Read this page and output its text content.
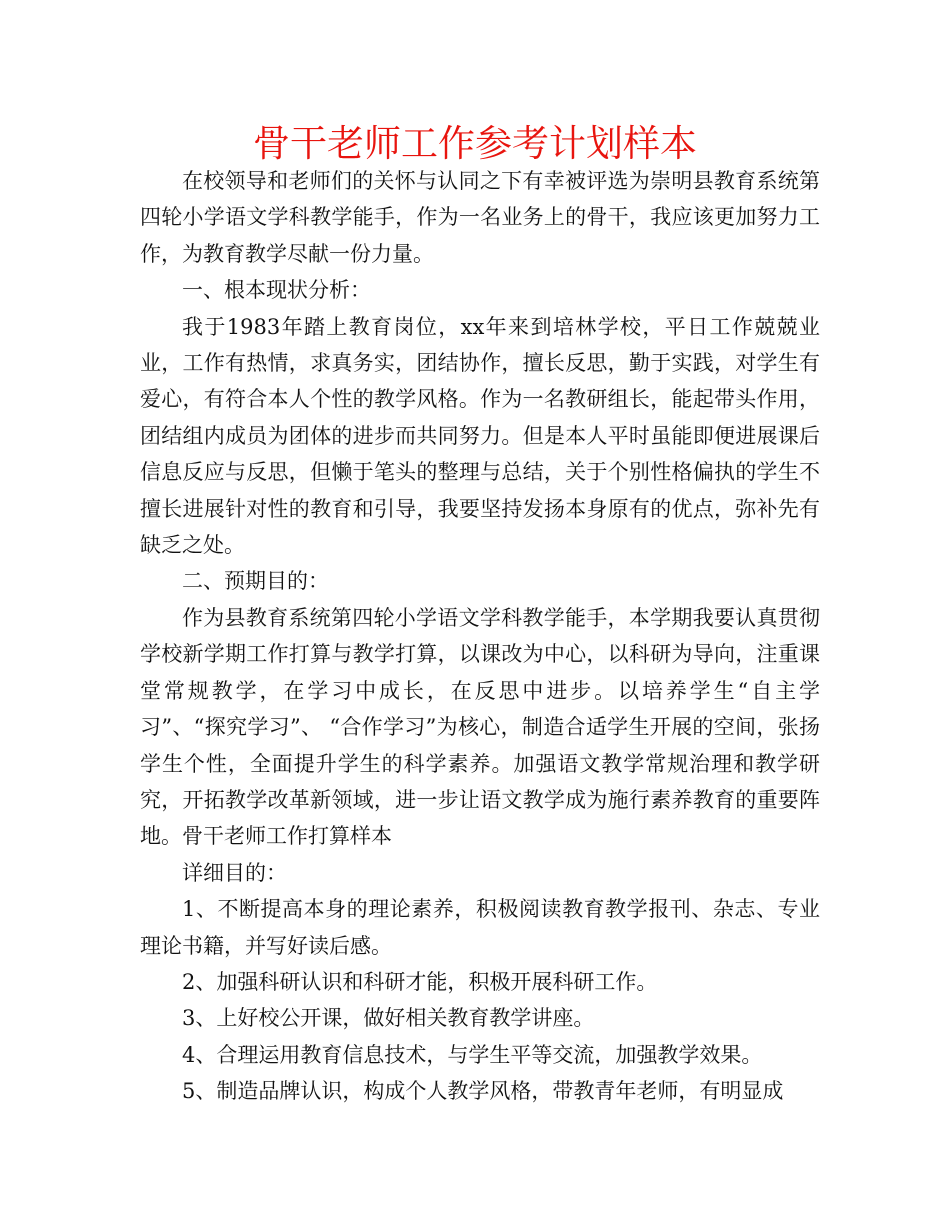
骨干老师工作参考计划样本

在校领导和老师们的关怀与认同之下有幸被评选为崇明县教育系统第四轮小学语文学科教学能手，作为一名业务上的骨干，我应该更加努力工作，为教育教学尽献一份力量。

一、根本现状分析：

我于1983年踏上教育岗位，xx年来到培林学校，平日工作兢兢业业，工作有热情，求真务实，团结协作，擅长反思，勤于实践，对学生有爱心，有符合本人个性的教学风格。作为一名教研组长，能起带头作用，团结组内成员为团体的进步而共同努力。但是本人平时虽能即便进展课后信息反应与反思，但懒于笔头的整理与总结，关于个别性格偏执的学生不擅长进展针对性的教育和引导，我要坚持发扬本身原有的优点，弥补先有缺乏之处。

二、预期目的：

作为县教育系统第四轮小学语文学科教学能手，本学期我要认真贯彻学校新学期工作打算与教学打算，以课改为中心，以科研为导向，注重课堂常规教学，在学习中成长，在反思中进步。以培养学生“自主学习”、“探究学习”、 “合作学习”为核心，制造合适学生开展的空间，张扬学生个性，全面提升学生的科学素养。加强语文教学常规治理和教学研究，开拓教学改革新领域，进一步让语文教学成为施行素养教育的重要阵地。骨干老师工作打算样本

详细目的：

1、不断提高本身的理论素养，积极阅读教育教学报刊、杂志、专业理论书籍，并写好读后感。

2、加强科研认识和科研才能，积极开展科研工作。

3、上好校公开课，做好相关教育教学讲座。

4、合理运用教育信息技术，与学生平等交流，加强教学效果。

5、制造品牌认识，构成个人教学风格，带教青年老师，有明显成
